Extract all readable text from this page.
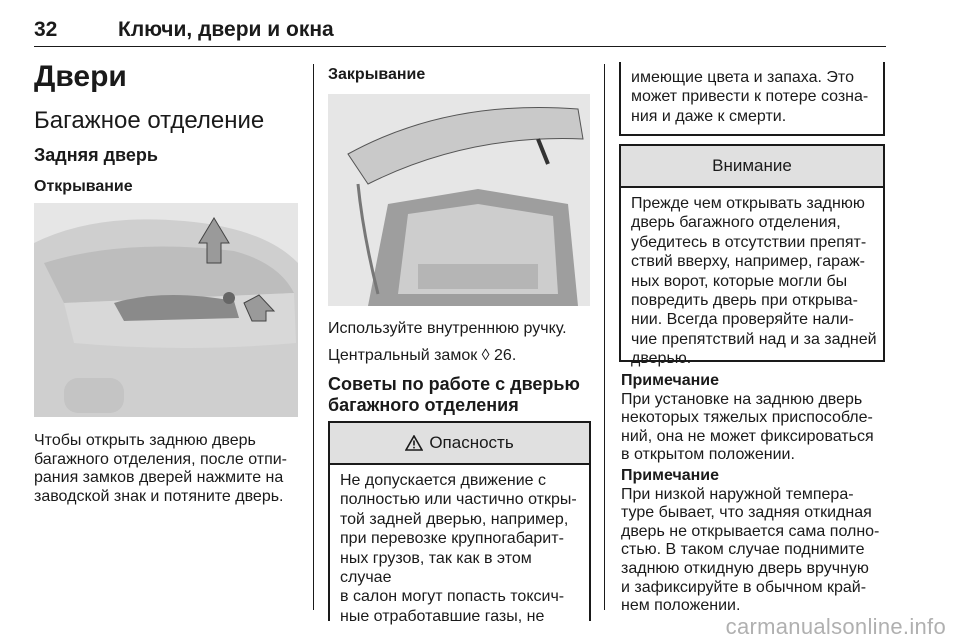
32	Ключи, двери и окна
Двери
Багажное отделение
Задняя дверь
Открывание
Чтобы открыть заднюю дверь
багажного отделения, после отпи-
рания замков дверей нажмите на
заводской знак и потяните дверь.
Закрывание
Используйте внутреннюю ручку.
Центральный замок ◊ 26.
Советы по работе с дверью
багажного отделения
Опасность
Не допускается движение с
полностью или частично откры-
той задней дверью, например,
при перевозке крупногабарит-
ных грузов, так как в этом случае
в салон могут попасть токсич-
ные отработавшие газы, не
имеющие цвета и запаха. Это
может привести к потере созна-
ния и даже к смерти.
Внимание
Прежде чем открывать заднюю
дверь багажного отделения,
убедитесь в отсутствии препят-
ствий вверху, например, гараж-
ных ворот, которые могли бы
повредить дверь при открыва-
нии. Всегда проверяйте нали-
чие препятствий над и за задней
дверью.
Примечание
При установке на заднюю дверь
некоторых тяжелых приспособле-
ний, она не может фиксироваться
в открытом положении.
Примечание
При низкой наружной темпера-
туре бывает, что задняя откидная
дверь не открывается сама полно-
стью. В таком случае поднимите
заднюю откидную дверь вручную
и зафиксируйте в обычном край-
нем положении.
carmanualsonline.info
